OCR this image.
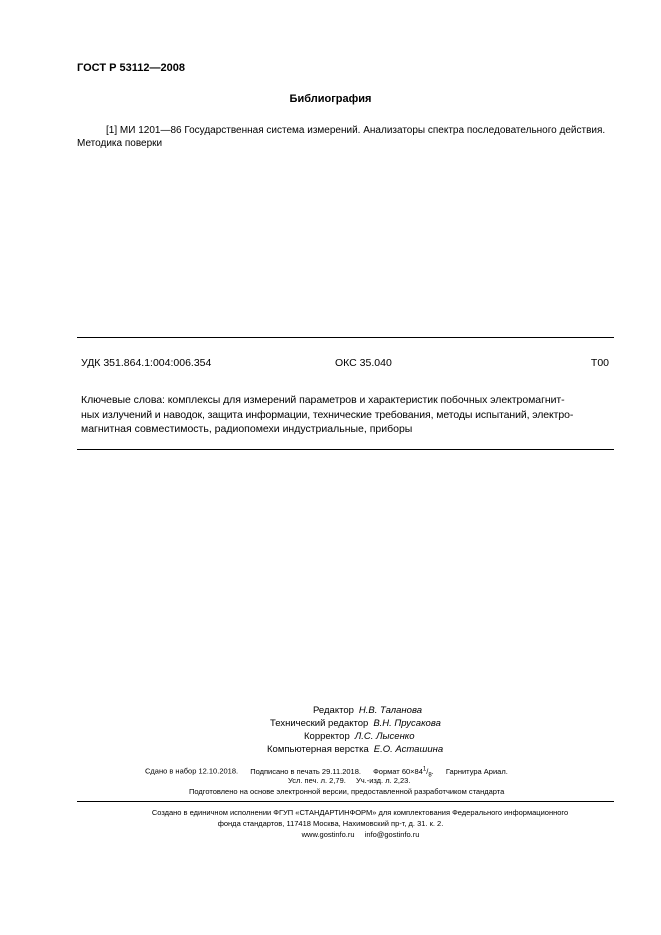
ГОСТ Р 53112—2008
Библиография
[1] МИ 1201—86 Государственная система измерений. Анализаторы спектра последовательного действия. Методика поверки
УДК 351.864.1:004:006.354	ОКС 35.040	Т00
Ключевые слова: комплексы для измерений параметров и характеристик побочных электромагнит-
ных излучений и наводок, защита информации, технические требования, методы испытаний, электро-
магнитная совместимость, радиопомехи индустриальные, приборы
Редактор Н.В. Таланова
Технический редактор В.Н. Прусакова
Корректор Л.С. Лысенко
Компьютерная верстка Е.О. Асташина
Сдано в набор 12.10.2018. Подписано в печать 29.11.2018. Формат $60\times 84^1/_8$. Гарнитура Ариал.
Усл. печ. л. 2,79. Уч.-изд. л. 2,23.
Подготовлено на основе электронной версии, предоставленной разработчиком стандарта
Создано в единичном исполнении ФГУП «СТАНДАРТИНФОРМ» для комплектования Федерального информационного
фонда стандартов, 117418 Москва, Нахимовский пр-т, д. 31. к. 2.
www.gostinfo.ru info@gostinfo.ru
